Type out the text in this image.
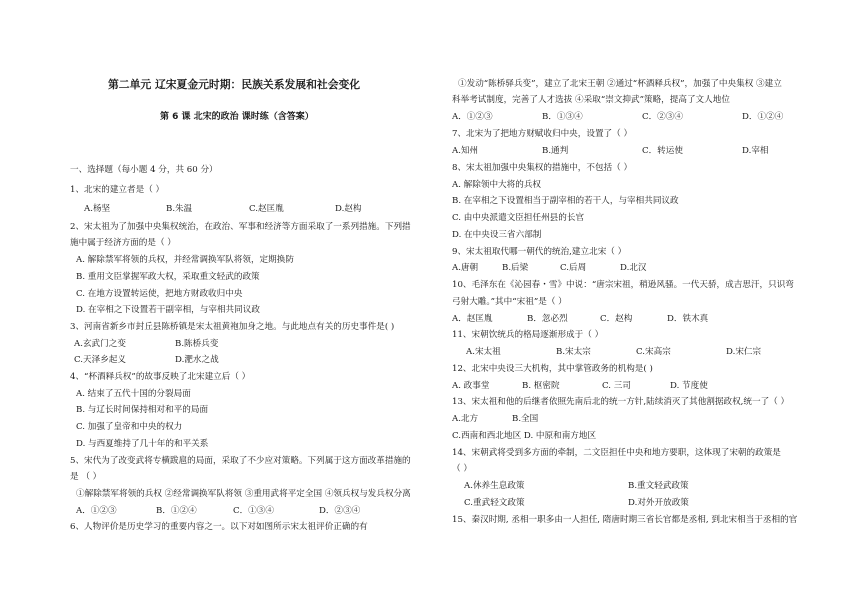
第二单元 辽宋夏金元时期：民族关系发展和社会变化
第 6 课 北宋的政治 课时练（含答案）
一、选择题（每小题 4 分，共 60 分）
1、北宋的建立者是（ ）
A.杨坚	B.朱温	C.赵匡胤	D.赵构
2、宋太祖为了加强中央集权统治，在政治、军事和经济等方面采取了一系列措施。下列措
施中属于经济方面的是（ ）
A. 解除禁军将领的兵权，并经常调换军队将领，定期换防
B. 重用文臣掌握军政大权，采取重文轻武的政策
C. 在地方设置转运使，把地方财政收归中央
D. 在宰相之下设置若干副宰相，与宰相共同议政
3、河南省新乡市封丘县陈桥镇是宋太祖黄袍加身之地。与此地点有关的历史事件是( )
A.玄武门之变	B.陈桥兵变
C.天泽乡起义	D.淝水之战
4、“杯酒释兵权”的故事反映了北宋建立后（ ）
A. 结束了五代十国的分裂局面
B. 与辽长时间保持相对和平的局面
C. 加强了皇帝和中央的权力
D. 与西夏维持了几十年的和平关系
5、宋代为了改变武将专横跋扈的局面，采取了不少应对策略。下列属于这方面改革措施的
是 （ ）
①解除禁军将领的兵权 ②经常调换军队将领 ③重用武将平定全国 ④领兵权与发兵权分离
A．①②③	B．①②④	C．①③④	D．②③④
6、人物评价是历史学习的重要内容之一。以下对如图所示宋太祖评价正确的有
①发动“陈桥驿兵变”，建立了北宋王朝 ②通过“杯酒释兵权”，加强了中央集权 ③建立
科举考试制度，完善了人才选拔 ④采取“崇文抑武”策略，提高了文人地位
A．①②③	B．①③④	C．②③④	D．①②④
7、北宋为了把地方财赋收归中央，设置了（ ）
A.知州	B.通判	C．转运使	D.宰相
8、宋太祖加强中央集权的措施中，不包括（ ）
A. 解除领中大将的兵权
B. 在宰相之下设置相当于副宰相的若干人，与宰相共同议政
C. 由中央派遣文臣担任州县的长官
D. 在中央设三省六部制
9、宋太祖取代哪一朝代的统治,建立北宋（ ）
A.唐朝	B.后梁	C.后周	D.北汉
10、毛泽东在《沁园春・雪》中说：“唐宗宋祖，稍逊风骚。一代天骄，成吉思汗，只识弯
弓射大雕。”其中“宋祖”是（ ）
A．赵匡胤	B．忽必烈	C．赵构	D．铁木真
11、宋朝饮统兵的格局逐渐形成于（ ）
A.宋太祖	B.宋太宗	C.宋高宗	D.宋仁宗
12、北宋中央设三大机构，其中掌管政务的机构是( )
A. 政事堂	B. 枢密院	C. 三司	D. 节度使
13、宋太祖和他的后继者依照先南后北的统一方针,陆续消灭了其他割据政权,统一了（ ）
A.北方	B.全国
C.西南和西北地区 D. 中原和南方地区
14、宋朝武将受到多方面的牵制，二文臣担任中央和地方要职，这体现了宋朝的政策是
（ ）
A.休养生息政策	B.重文轻武政策
C.重武轻文政策	D.对外开放政策
15、秦汉时期, 丞相一职多由一人担任, 隋唐时期三省长官都是丞相, 到北宋相当于丞相的官
